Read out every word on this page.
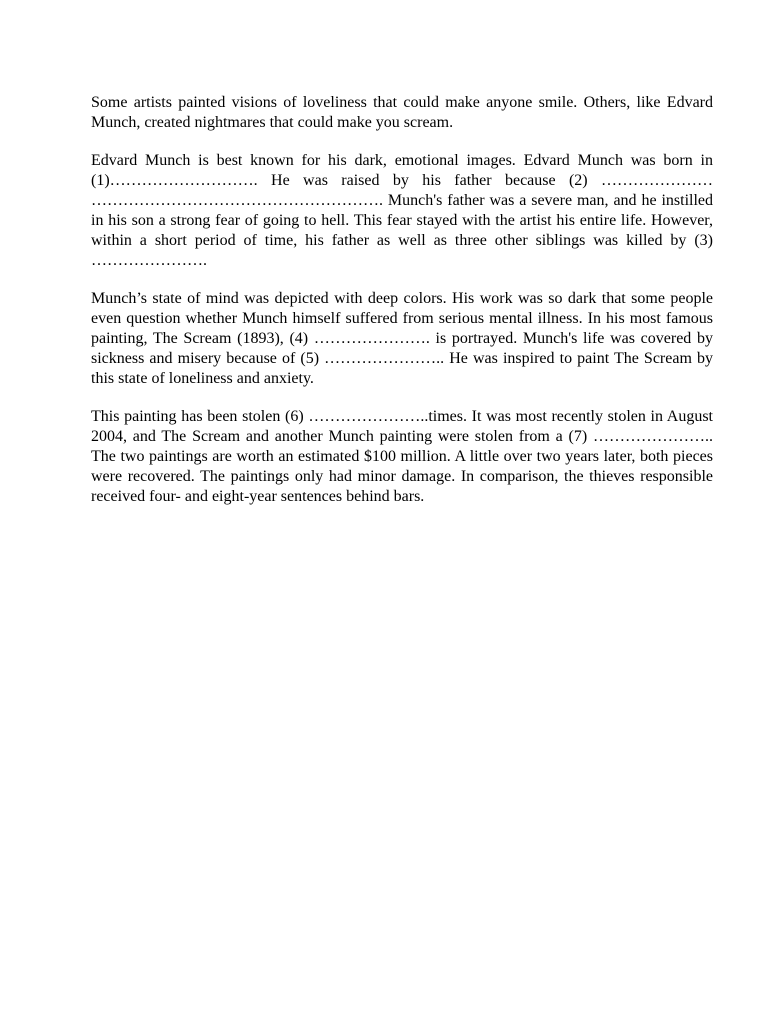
Some artists painted visions of loveliness that could make anyone smile. Others, like Edvard Munch, created nightmares that could make you scream.

Edvard Munch is best known for his dark, emotional images. Edvard Munch was born in (1)………………………. He was raised by his father because (2) ………………… ………………………………………………. Munch's father was a severe man, and he instilled in his son a strong fear of going to hell. This fear stayed with the artist his entire life. However, within a short period of time, his father as well as three other siblings was killed by (3) ………………….

Munch’s state of mind was depicted with deep colors. His work was so dark that some people even question whether Munch himself suffered from serious mental illness. In his most famous painting, The Scream (1893), (4) …………………. is portrayed. Munch's life was covered by sickness and misery because of (5) ………………….. He was inspired to paint The Scream by this state of loneliness and anxiety.

This painting has been stolen (6) …………………..times. It was most recently stolen in August 2004, and The Scream and another Munch painting were stolen from a (7) ………………….. The two paintings are worth an estimated $100 million. A little over two years later, both pieces were recovered. The paintings only had minor damage. In comparison, the thieves responsible received four- and eight-year sentences behind bars.
